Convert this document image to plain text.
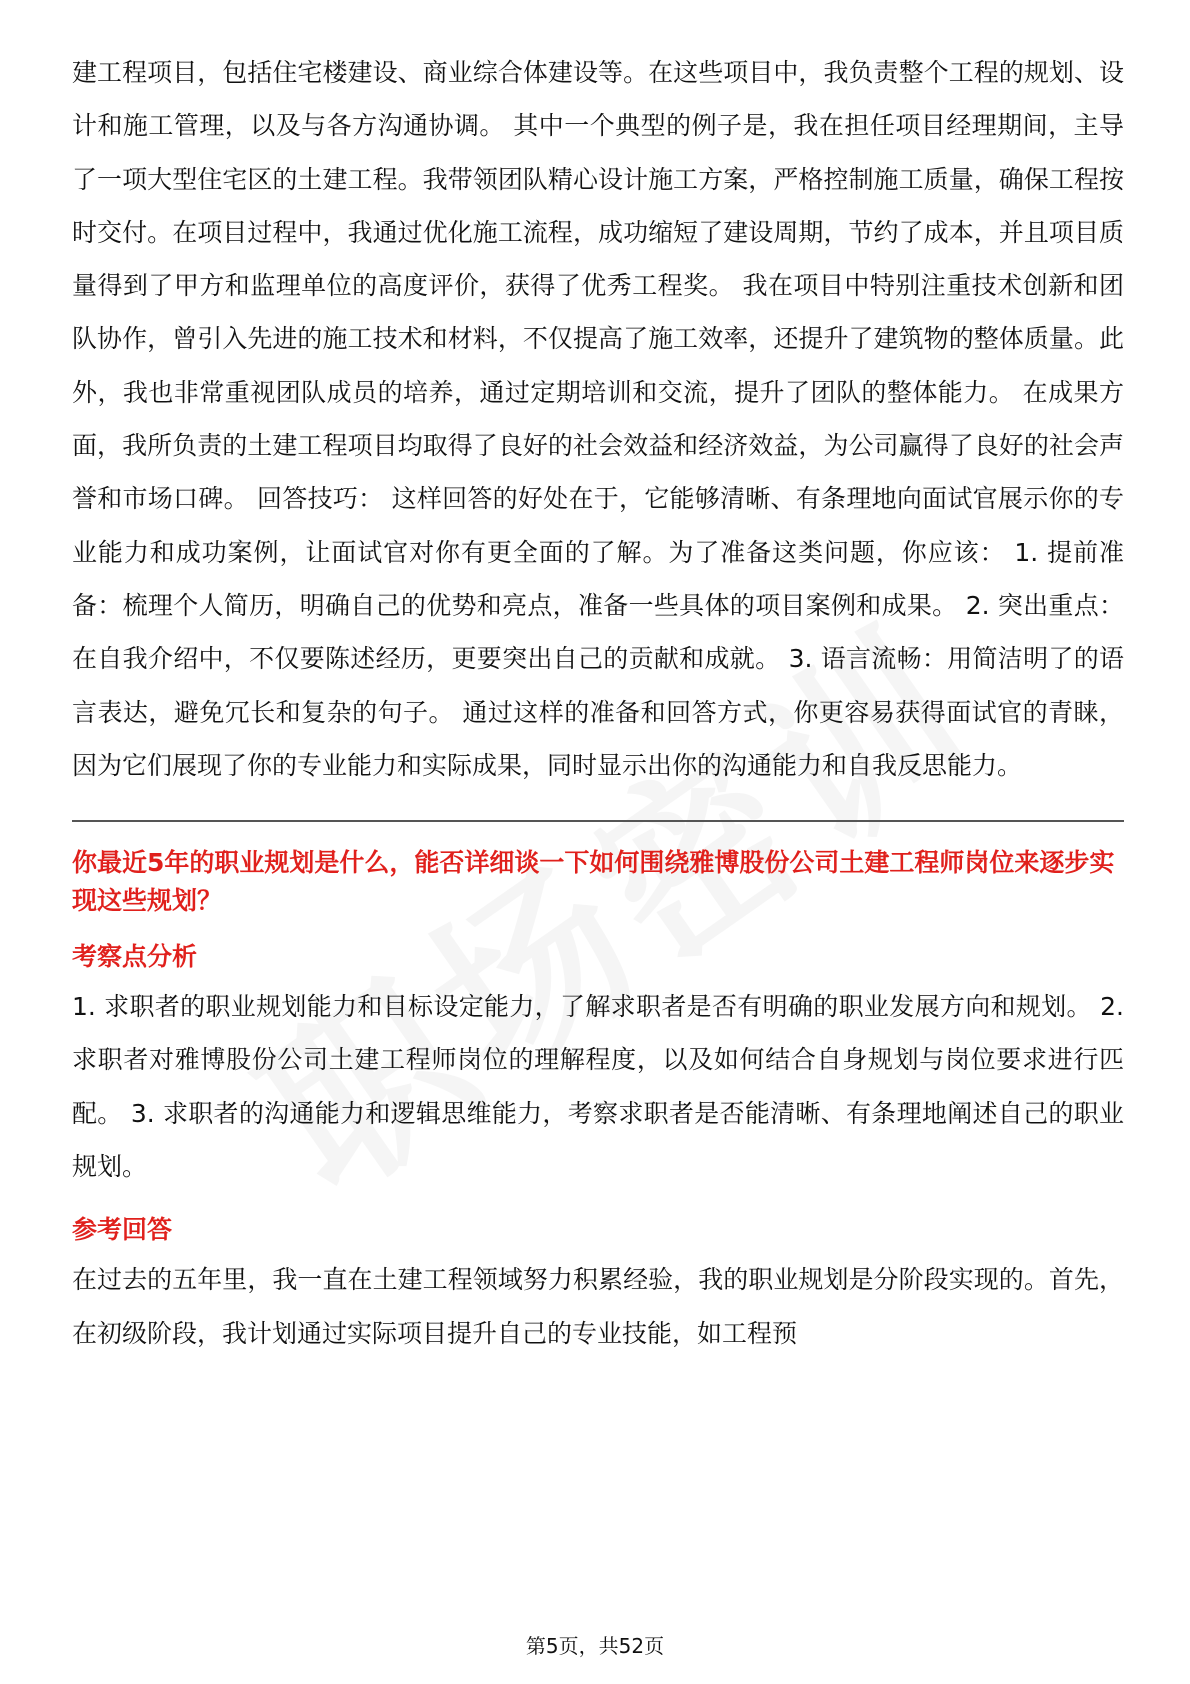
建工程项目，包括住宅楼建设、商业综合体建设等。在这些项目中，我负责整个工程的规划、设计和施工管理，以及与各方沟通协调。 其中一个典型的例子是，我在担任项目经理期间，主导了一项大型住宅区的土建工程。我带领团队精心设计施工方案，严格控制施工质量，确保工程按时交付。在项目过程中，我通过优化施工流程，成功缩短了建设周期，节约了成本，并且项目质量得到了甲方和监理单位的高度评价，获得了优秀工程奖。 我在项目中特别注重技术创新和团队协作，曾引入先进的施工技术和材料，不仅提高了施工效率，还提升了建筑物的整体质量。此外，我也非常重视团队成员的培养，通过定期培训和交流，提升了团队的整体能力。 在成果方面，我所负责的土建工程项目均取得了良好的社会效益和经济效益，为公司赢得了良好的社会声誉和市场口碑。 回答技巧： 这样回答的好处在于，它能够清晰、有条理地向面试官展示你的专业能力和成功案例，让面试官对你有更全面的了解。为了准备这类问题，你应该： 1. 提前准备：梳理个人简历，明确自己的优势和亮点，准备一些具体的项目案例和成果。 2. 突出重点：在自我介绍中，不仅要陈述经历，更要突出自己的贡献和成就。 3. 语言流畅：用简洁明了的语言表达，避免冗长和复杂的句子。 通过这样的准备和回答方式，你更容易获得面试官的青睐，因为它们展现了你的专业能力和实际成果，同时显示出你的沟通能力和自我反思能力。

你最近5年的职业规划是什么，能否详细谈一下如何围绕雅博股份公司土建工程师岗位来逐步实现这些规划？

考察点分析

1. 求职者的职业规划能力和目标设定能力，了解求职者是否有明确的职业发展方向和规划。 2. 求职者对雅博股份公司土建工程师岗位的理解程度，以及如何结合自身规划与岗位要求进行匹配。 3. 求职者的沟通能力和逻辑思维能力，考察求职者是否能清晰、有条理地阐述自己的职业规划。

参考回答

在过去的五年里，我一直在土建工程领域努力积累经验，我的职业规划是分阶段实现的。首先，在初级阶段，我计划通过实际项目提升自己的专业技能，如工程预

第5页，共52页
